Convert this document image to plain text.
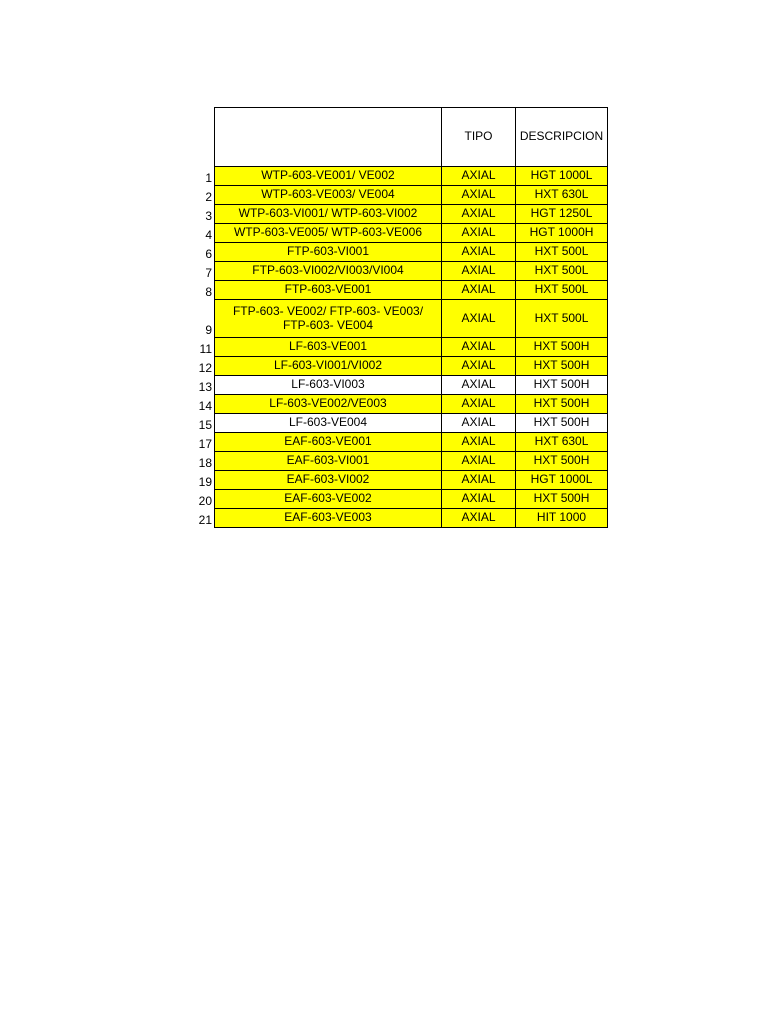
		TIPO	DESCRIPCION
1	WTP-603-VE001/ VE002	AXIAL	HGT 1000L
2	WTP-603-VE003/ VE004	AXIAL	HXT 630L
3	WTP-603-VI001/ WTP-603-VI002	AXIAL	HGT 1250L
4	WTP-603-VE005/ WTP-603-VE006	AXIAL	HGT 1000H
6	FTP-603-VI001	AXIAL	HXT 500L
7	FTP-603-VI002/VI003/VI004	AXIAL	HXT 500L
8	FTP-603-VE001	AXIAL	HXT 500L
9	FTP-603- VE002/ FTP-603- VE003/ FTP-603- VE004	AXIAL	HXT 500L
11	LF-603-VE001	AXIAL	HXT 500H
12	LF-603-VI001/VI002	AXIAL	HXT 500H
13	LF-603-VI003	AXIAL	HXT 500H
14	LF-603-VE002/VE003	AXIAL	HXT 500H
15	LF-603-VE004	AXIAL	HXT 500H
17	EAF-603-VE001	AXIAL	HXT 630L
18	EAF-603-VI001	AXIAL	HXT 500H
19	EAF-603-VI002	AXIAL	HGT 1000L
20	EAF-603-VE002	AXIAL	HXT 500H
21	EAF-603-VE003	AXIAL	HIT 1000
